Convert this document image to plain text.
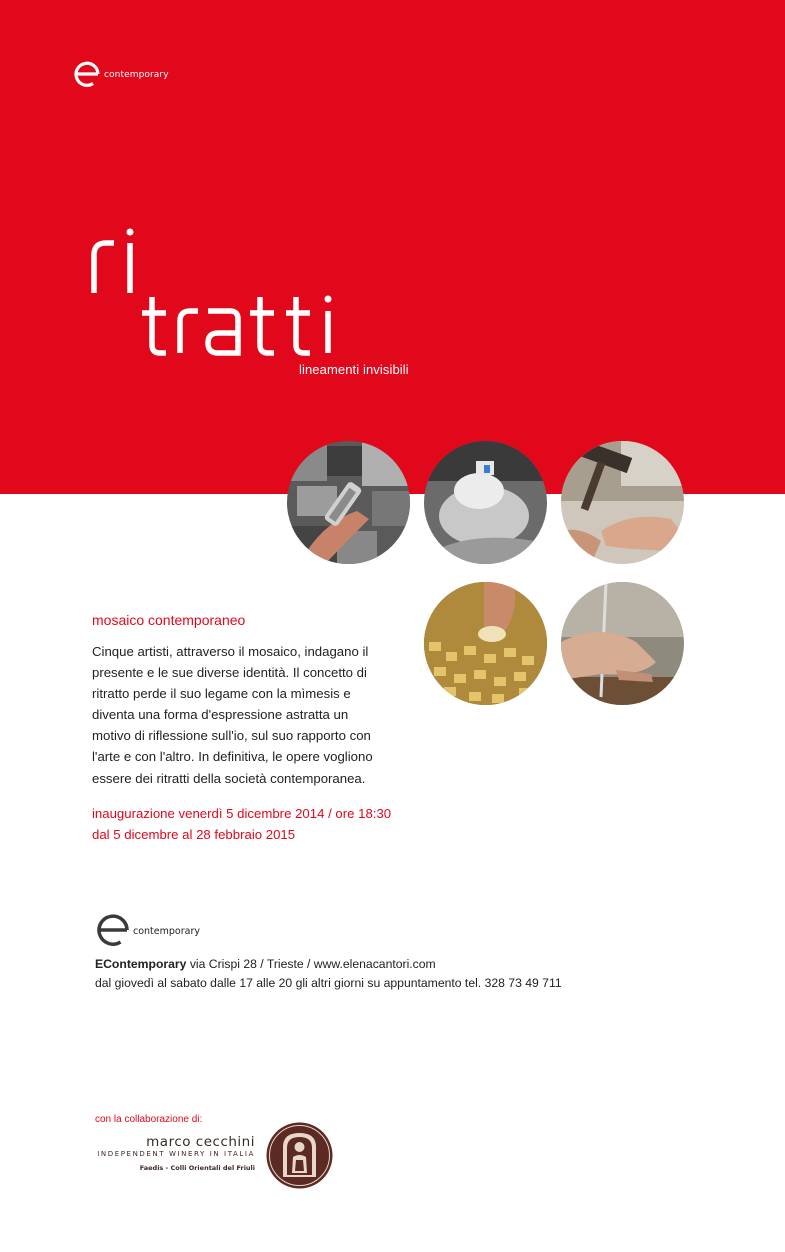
contemporary
lineamenti invisibili
mosaico contemporaneo
Cinque artisti, attraverso il mosaico, indagano il
presente e le sue diverse identità. Il concetto di
ritratto perde il suo legame con la mìmesis e
diventa una forma d'espressione astratta un
motivo di riflessione sull'io, sul suo rapporto con
l'arte e con l'altro. In definitiva, le opere vogliono
essere dei ritratti della società contemporanea.
inaugurazione venerdì 5 dicembre 2014 / ore 18:30
dal 5 dicembre al 28 febbraio 2015
contemporary
EContemporary via Crispi 28 / Trieste / www.elenacantori.com
dal giovedì al sabato dalle 17 alle 20 gli altri giorni su appuntamento tel. 328 73 49 711
con la collaborazione di:
marco cecchini
INDEPENDENT WINERY IN ITALIA
Faedis - Colli Orientali del Friuli
